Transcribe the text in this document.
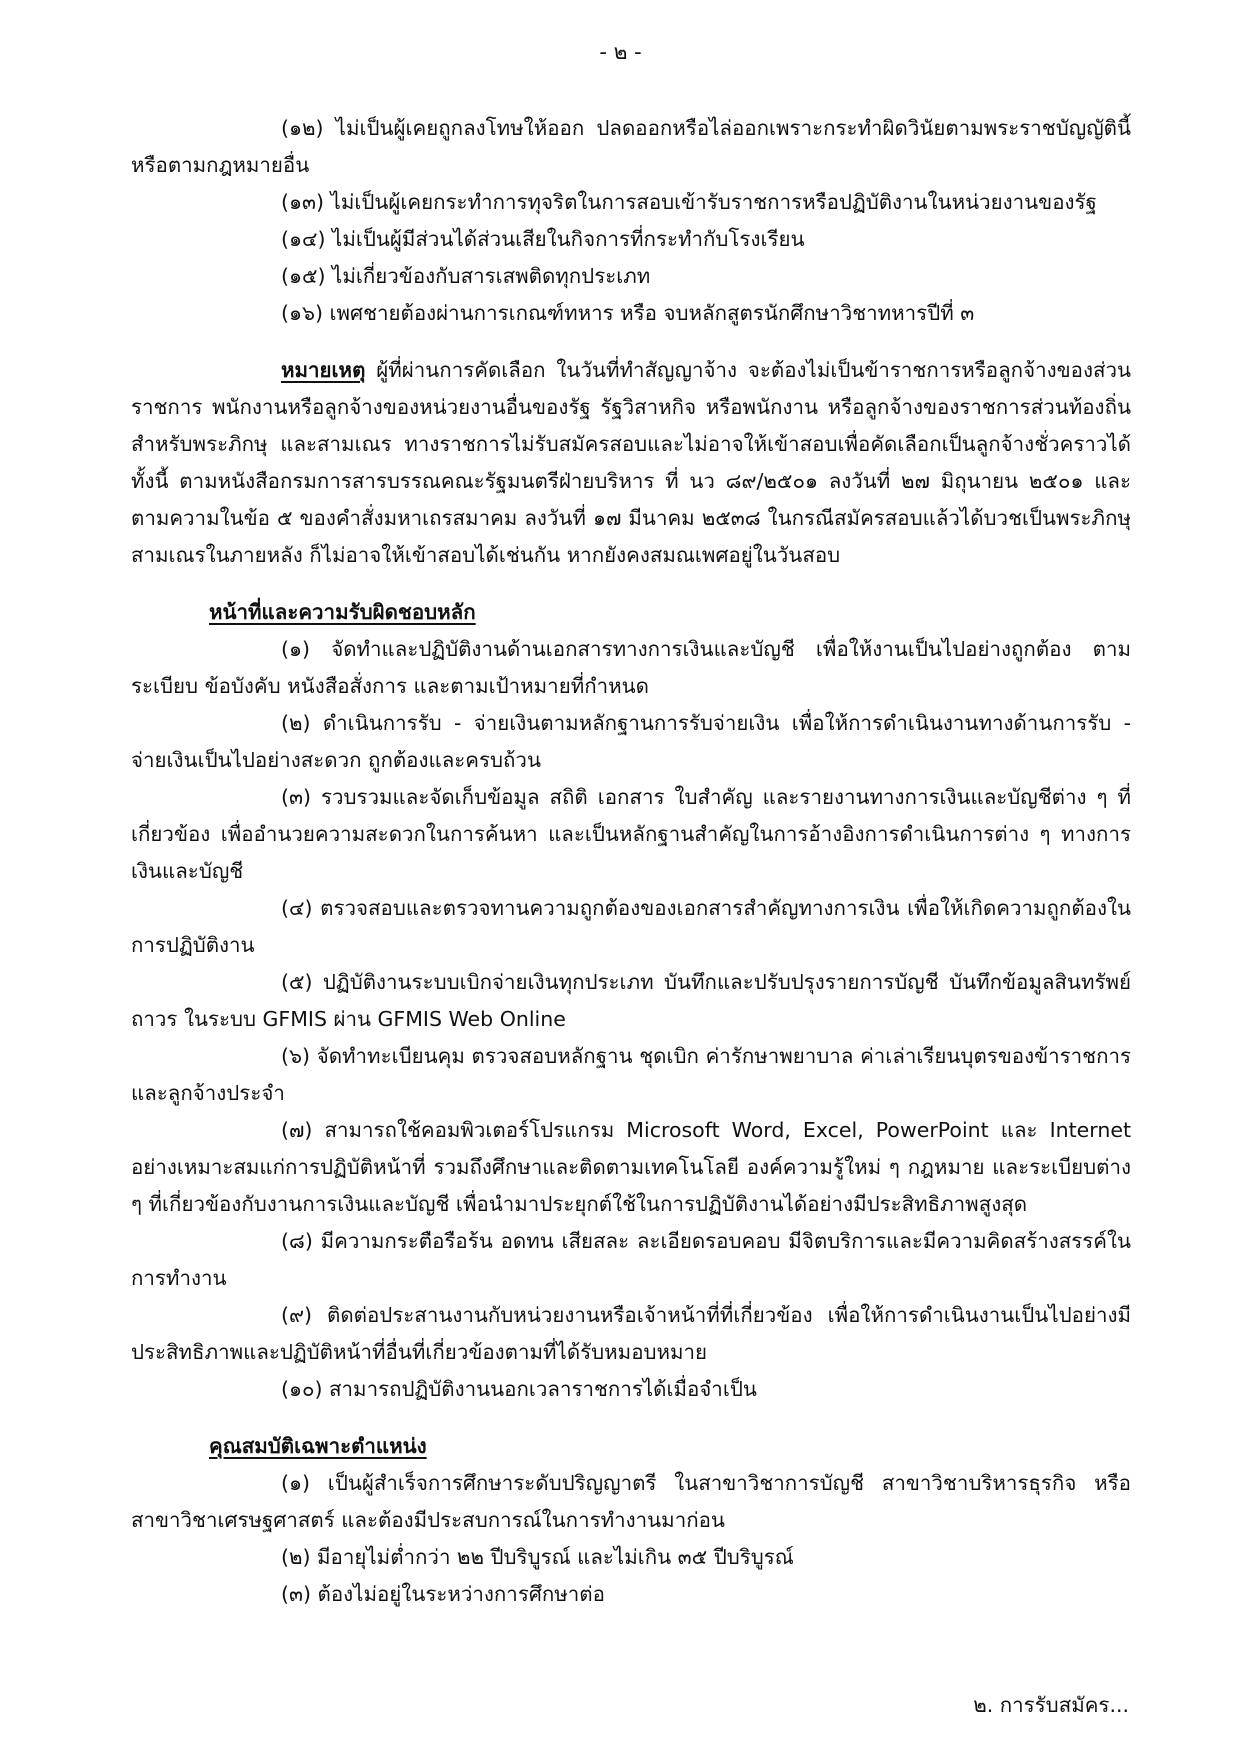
- ๒ -

(๑๒) ไม่เป็นผู้เคยถูกลงโทษให้ออก ปลดออกหรือไล่ออกเพราะกระทำผิดวินัยตามพระราชบัญญัตินี้หรือตามกฎหมายอื่น

(๑๓) ไม่เป็นผู้เคยกระทำการทุจริตในการสอบเข้ารับราชการหรือปฏิบัติงานในหน่วยงานของรัฐ

(๑๔) ไม่เป็นผู้มีส่วนได้ส่วนเสียในกิจการที่กระทำกับโรงเรียน

(๑๕) ไม่เกี่ยวข้องกับสารเสพติดทุกประเภท

(๑๖) เพศชายต้องผ่านการเกณฑ์ทหาร หรือ จบหลักสูตรนักศึกษาวิชาทหารปีที่ ๓

หมายเหตุ ผู้ที่ผ่านการคัดเลือก ในวันที่ทำสัญญาจ้าง จะต้องไม่เป็นข้าราชการหรือลูกจ้างของส่วนราชการ พนักงานหรือลูกจ้างของหน่วยงานอื่นของรัฐ รัฐวิสาหกิจ หรือพนักงาน หรือลูกจ้างของราชการส่วนท้องถิ่น สำหรับพระภิกษุ และสามเณร ทางราชการไม่รับสมัครสอบและไม่อาจให้เข้าสอบเพื่อคัดเลือกเป็นลูกจ้างชั่วคราวได้ ทั้งนี้ ตามหนังสือกรมการสารบรรณคณะรัฐมนตรีฝ่ายบริหาร ที่ นว ๘๙/๒๕๐๑ ลงวันที่ ๒๗ มิถุนายน ๒๕๐๑ และตามความในข้อ ๕ ของคำสั่งมหาเถรสมาคม ลงวันที่ ๑๗ มีนาคม ๒๕๓๘ ในกรณีสมัครสอบแล้วได้บวชเป็นพระภิกษุสามเณรในภายหลัง ก็ไม่อาจให้เข้าสอบได้เช่นกัน หากยังคงสมณเพศอยู่ในวันสอบ

หน้าที่และความรับผิดชอบหลัก

(๑) จัดทำและปฏิบัติงานด้านเอกสารทางการเงินและบัญชี เพื่อให้งานเป็นไปอย่างถูกต้อง ตามระเบียบ ข้อบังคับ หนังสือสั่งการ และตามเป้าหมายที่กำหนด

(๒) ดำเนินการรับ - จ่ายเงินตามหลักฐานการรับจ่ายเงิน เพื่อให้การดำเนินงานทางด้านการรับ - จ่ายเงินเป็นไปอย่างสะดวก ถูกต้องและครบถ้วน

(๓) รวบรวมและจัดเก็บข้อมูล สถิติ เอกสาร ใบสำคัญ และรายงานทางการเงินและบัญชีต่าง ๆ ที่เกี่ยวข้อง เพื่ออำนวยความสะดวกในการค้นหา และเป็นหลักฐานสำคัญในการอ้างอิงการดำเนินการต่าง ๆ ทางการเงินและบัญชี

(๔) ตรวจสอบและตรวจทานความถูกต้องของเอกสารสำคัญทางการเงิน เพื่อให้เกิดความถูกต้องในการปฏิบัติงาน

(๕) ปฏิบัติงานระบบเบิกจ่ายเงินทุกประเภท บันทึกและปรับปรุงรายการบัญชี บันทึกข้อมูลสินทรัพย์ถาวร ในระบบ GFMIS ผ่าน GFMIS Web Online

(๖) จัดทำทะเบียนคุม ตรวจสอบหลักฐาน ชุดเบิก ค่ารักษาพยาบาล ค่าเล่าเรียนบุตรของข้าราชการและลูกจ้างประจำ

(๗) สามารถใช้คอมพิวเตอร์โปรแกรม Microsoft Word, Excel, PowerPoint และ Internet อย่างเหมาะสมแก่การปฏิบัติหน้าที่ รวมถึงศึกษาและติดตามเทคโนโลยี องค์ความรู้ใหม่ ๆ กฎหมาย และระเบียบต่าง ๆ ที่เกี่ยวข้องกับงานการเงินและบัญชี เพื่อนำมาประยุกต์ใช้ในการปฏิบัติงานได้อย่างมีประสิทธิภาพสูงสุด

(๘) มีความกระตือรือร้น อดทน เสียสละ ละเอียดรอบคอบ มีจิตบริการและมีความคิดสร้างสรรค์ในการทำงาน

(๙) ติดต่อประสานงานกับหน่วยงานหรือเจ้าหน้าที่ที่เกี่ยวข้อง เพื่อให้การดำเนินงานเป็นไปอย่างมีประสิทธิภาพและปฏิบัติหน้าที่อื่นที่เกี่ยวข้องตามที่ได้รับหมอบหมาย

(๑๐) สามารถปฏิบัติงานนอกเวลาราชการได้เมื่อจำเป็น

คุณสมบัติเฉพาะตำแหน่ง

(๑) เป็นผู้สำเร็จการศึกษาระดับปริญญาตรี ในสาขาวิชาการบัญชี สาขาวิชาบริหารธุรกิจ หรือสาขาวิชาเศรษฐศาสตร์ และต้องมีประสบการณ์ในการทำงานมาก่อน

(๒) มีอายุไม่ต่ำกว่า ๒๒ ปีบริบูรณ์ และไม่เกิน ๓๕ ปีบริบูรณ์

(๓) ต้องไม่อยู่ในระหว่างการศึกษาต่อ

๒. การรับสมัคร...
